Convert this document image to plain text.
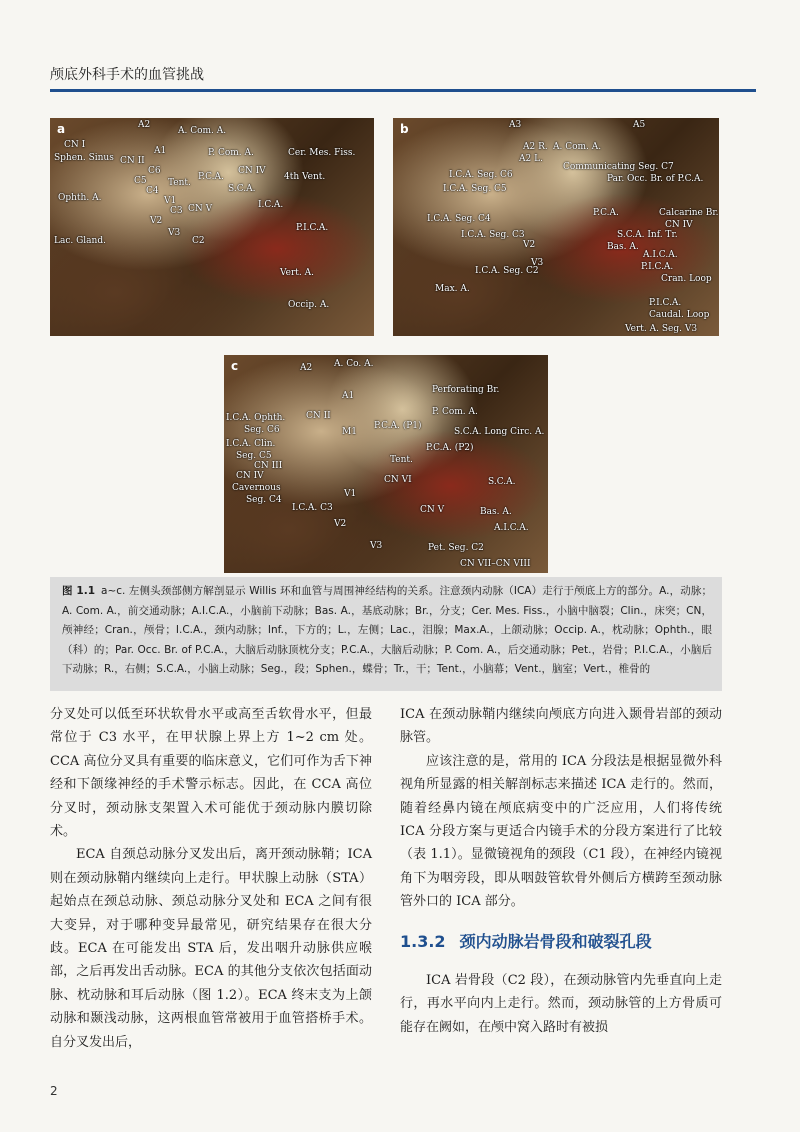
颅底外科手术的血管挑战
a	A2
A. Com. A.
CN I
A1
Sphen. Sinus CN II
P. Com. A.	Cer. Mes. Fiss.
C6	CN IV
C5 Tent.
P.C.A.	4th Vent.
C4	S.C.A.
Ophth. A.	V1
C3 CN V	I.C.A.
V2
P.I.C.A.
Lac. Gland.
V3
C2
Vert. A.
Occip. A.
b	A3	A5
A2 R. A. Com. A.
A2 L.
Communicating Seg. C7
I.C.A. Seg. C6	Par. Occ. Br. of P.C.A.
I.C.A. Seg. C5
I.C.A. Seg. C4
P.C.A.	Calcarine Br.
CN IV
I.C.A. Seg. C3	S.C.A. Inf. Tr.
V2	Bas. A.
A.I.C.A.
V3
I.C.A. Seg. C2	P.I.C.A.
Cran. Loop
Max. A.
P.I.C.A.
Caudal. Loop
Vert. A. Seg. V3
c	A2 A. Co. A.
A1
Perforating Br.
I.C.A. Ophth. CN II	P. Com. A.
Seg. C6	M1
P.C.A. (P1)
S.C.A. Long Circ. A.
I.C.A. Clin.	P.C.A. (P2)
Seg. C5
CN III
Tent.
CN IV	CN VI	S.C.A.
Cavernous
Seg. C4
V1
I.C.A. C3	CN V	Bas. A.
V2	A.I.C.A.
V3	Pet. Seg. C2
CN VII–CN VIII
图 1.1 a~c. 左侧头颈部侧方解剖显示 Willis 环和血管与周围神经结构的关系。注意颈内动脉（ICA）走行于颅底上方的部分。A.，动脉；A. Com. A.，前交通动脉；A.I.C.A.，小脑前下动脉；Bas. A.，基底动脉；Br.，分支；Cer. Mes. Fiss.，小脑中脑裂；Clin.，床突；CN，颅神经；Cran.，颅骨；I.C.A.，颈内动脉；Inf.，下方的；L.，左侧；Lac.，泪腺；Max.A.，上颌动脉；Occip. A.，枕动脉；Ophth.，眼（科）的；Par. Occ. Br. of P.C.A.，大脑后动脉顶枕分支；P.C.A.，大脑后动脉；P. Com. A.，后交通动脉；Pet.，岩骨；P.I.C.A.，小脑后下动脉；R.，右侧；S.C.A.，小脑上动脉；Seg.，段；Sphen.，蝶骨；Tr.，干；Tent.，小脑幕；Vent.，脑室；Vert.，椎骨的

分叉处可以低至环状软骨水平或高至舌软骨水平，但最常位于 C3 水平，在甲状腺上界上方 1~2 cm 处。CCA 高位分叉具有重要的临床意义，它们可作为舌下神经和下颌缘神经的手术警示标志。因此，在 CCA 高位分叉时，颈动脉支架置入术可能优于颈动脉内膜切除术。

ECA 自颈总动脉分叉发出后，离开颈动脉鞘；ICA 则在颈动脉鞘内继续向上走行。甲状腺上动脉（STA）起始点在颈总动脉、颈总动脉分叉处和 ECA 之间有很大变异，对于哪种变异最常见，研究结果存在很大分歧。ECA 在可能发出 STA 后，发出咽升动脉供应喉部，之后再发出舌动脉。ECA 的其他分支依次包括面动脉、枕动脉和耳后动脉（图 1.2）。ECA 终末支为上颌动脉和颞浅动脉，这两根血管常被用于血管搭桥手术。自分叉发出后，

ICA 在颈动脉鞘内继续向颅底方向进入颞骨岩部的颈动脉管。

应该注意的是，常用的 ICA 分段法是根据显微外科视角所显露的相关解剖标志来描述 ICA 走行的。然而，随着经鼻内镜在颅底病变中的广泛应用，人们将传统 ICA 分段方案与更适合内镜手术的分段方案进行了比较（表 1.1）。显微镜视角的颈段（C1 段），在神经内镜视角下为咽旁段，即从咽鼓管软骨外侧后方横跨至颈动脉管外口的 ICA 部分。

1.3.2 颈内动脉岩骨段和破裂孔段

ICA 岩骨段（C2 段），在颈动脉管内先垂直向上走行，再水平向内上走行。然而，颈动脉管的上方骨质可能存在阙如，在颅中窝入路时有被损

2
